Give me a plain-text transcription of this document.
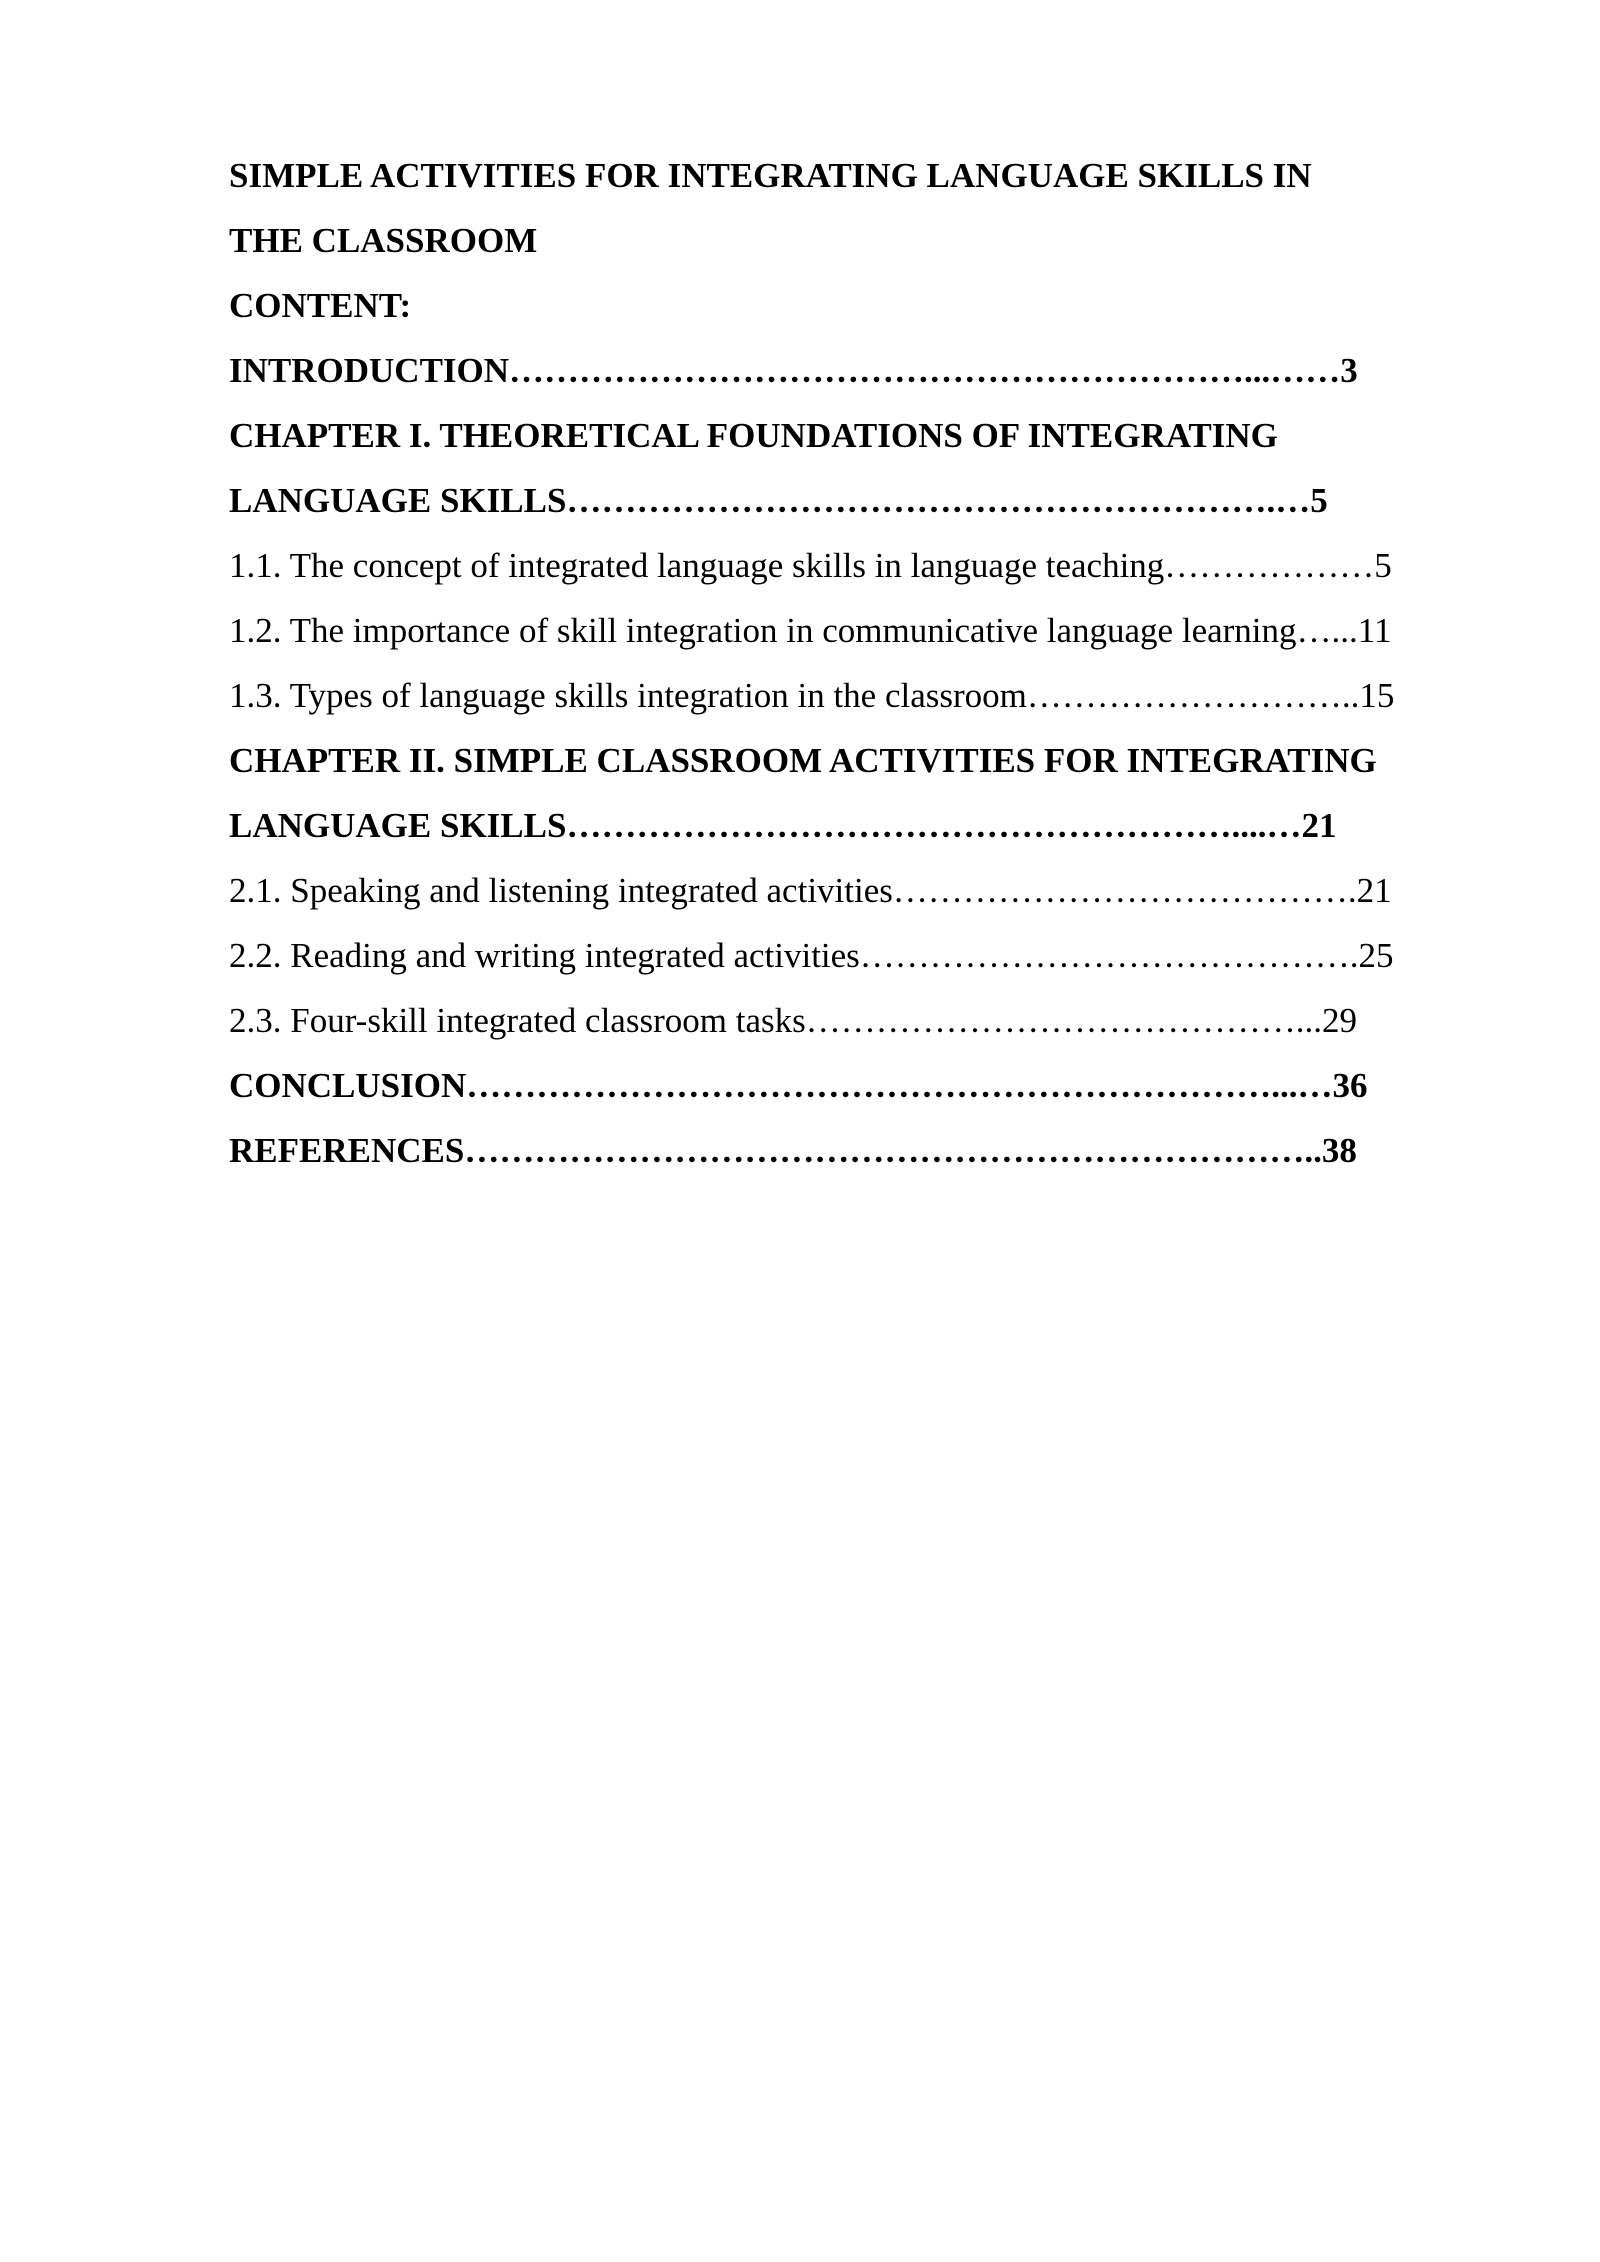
SIMPLE ACTIVITIES FOR INTEGRATING LANGUAGE SKILLS IN
THE CLASSROOM
CONTENT:
INTRODUCTION………………………………………………………...……3
CHAPTER I. THEORETICAL FOUNDATIONS OF INTEGRATING
LANGUAGE SKILLS…………………………………………………….…5
1.1. The concept of integrated language skills in language teaching………………5
1.2. The importance of skill integration in communicative language learning…...11
1.3. Types of language skills integration in the classroom………………………..15
CHAPTER II. SIMPLE CLASSROOM ACTIVITIES FOR INTEGRATING
LANGUAGE SKILLS…………………………………………………....…21
2.1. Speaking and listening integrated activities………………………………….21
2.2. Reading and writing integrated activities…………………………………….25
2.3. Four-skill integrated classroom tasks……………………………………...29
CONCLUSION……………………………………………………………...…36
REFERENCES………………………………………………………………..38
